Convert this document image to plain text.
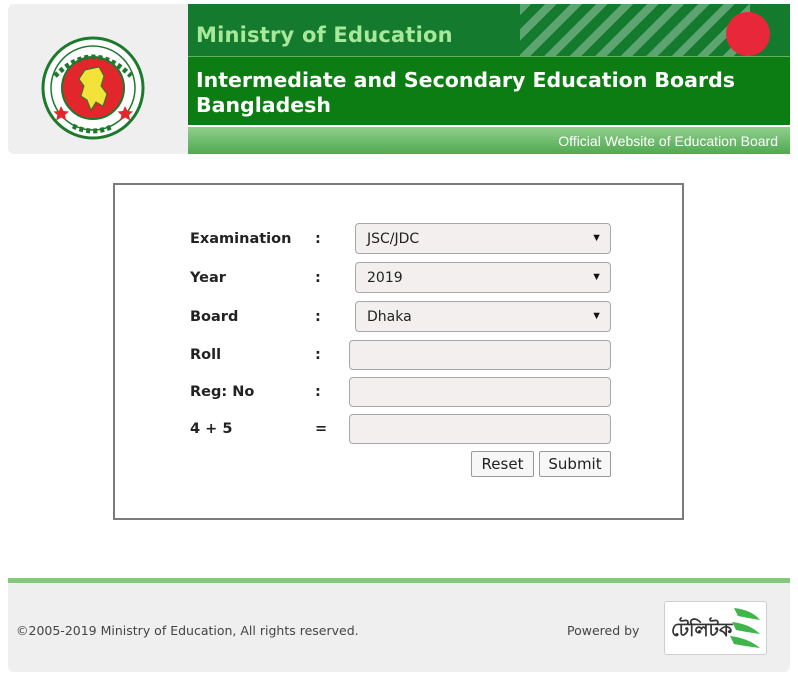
Ministry of Education
Intermediate and Secondary Education Boards
Bangladesh
Official Website of Education Board
Examination :	JSC/JDC	▼
Year	:	2019	▼
Board	:	Dhaka	▼
Roll	:
Reg: No	:
4 + 5	=
Reset	Submit
©2005-2019 Ministry of Education, All rights reserved.	Powered by টেলিটক
